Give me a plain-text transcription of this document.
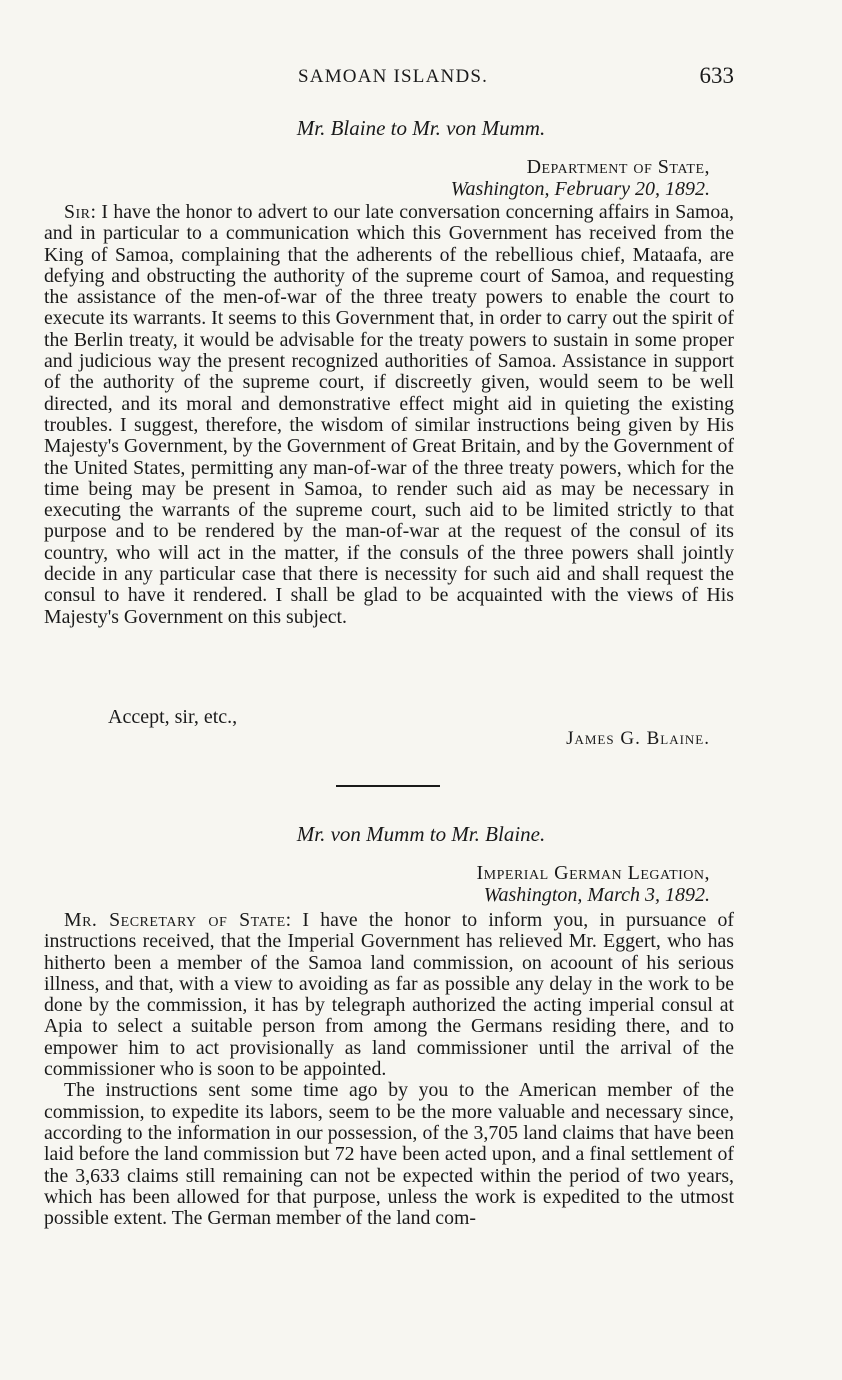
SAMOAN ISLANDS.	633
Mr. Blaine to Mr. von Mumm.
Department of State,
Washington, February 20, 1892.

Sir: I have the honor to advert to our late conversation concerning affairs in Samoa, and in particular to a communication which this Government has received from the King of Samoa, complaining that the adherents of the rebellious chief, Mataafa, are defying and obstructing the authority of the supreme court of Samoa, and requesting the assistance of the men-of-war of the three treaty powers to enable the court to execute its warrants. It seems to this Government that, in order to carry out the spirit of the Berlin treaty, it would be advisable for the treaty powers to sustain in some proper and judicious way the present recognized authorities of Samoa. Assistance in support of the authority of the supreme court, if discreetly given, would seem to be well directed, and its moral and demonstrative effect might aid in quieting the existing troubles. I suggest, therefore, the wisdom of similar instructions being given by His Majesty's Government, by the Government of Great Britain, and by the Government of the United States, permitting any man-of-war of the three treaty powers, which for the time being may be present in Samoa, to render such aid as may be necessary in executing the warrants of the supreme court, such aid to be limited strictly to that purpose and to be rendered by the man-of-war at the request of the consul of its country, who will act in the matter, if the consuls of the three powers shall jointly decide in any particular case that there is necessity for such aid and shall request the consul to have it rendered. I shall be glad to be acquainted with the views of His Majesty's Government on this subject.

Accept, sir, etc.,
James G. Blaine.
Mr. von Mumm to Mr. Blaine.
Imperial German Legation,
Washington, March 3, 1892.

Mr. Secretary of State: I have the honor to inform you, in pursuance of instructions received, that the Imperial Government has relieved Mr. Eggert, who has hitherto been a member of the Samoa land commission, on acoount of his serious illness, and that, with a view to avoiding as far as possible any delay in the work to be done by the commission, it has by telegraph authorized the acting imperial consul at Apia to select a suitable person from among the Germans residing there, and to empower him to act provisionally as land commissioner until the arrival of the commissioner who is soon to be appointed.

The instructions sent some time ago by you to the American member of the commission, to expedite its labors, seem to be the more valuable and necessary since, according to the information in our possession, of the 3,705 land claims that have been laid before the land commission but 72 have been acted upon, and a final settlement of the 3,633 claims still remaining can not be expected within the period of two years, which has been allowed for that purpose, unless the work is expedited to the utmost possible extent. The German member of the land com-
